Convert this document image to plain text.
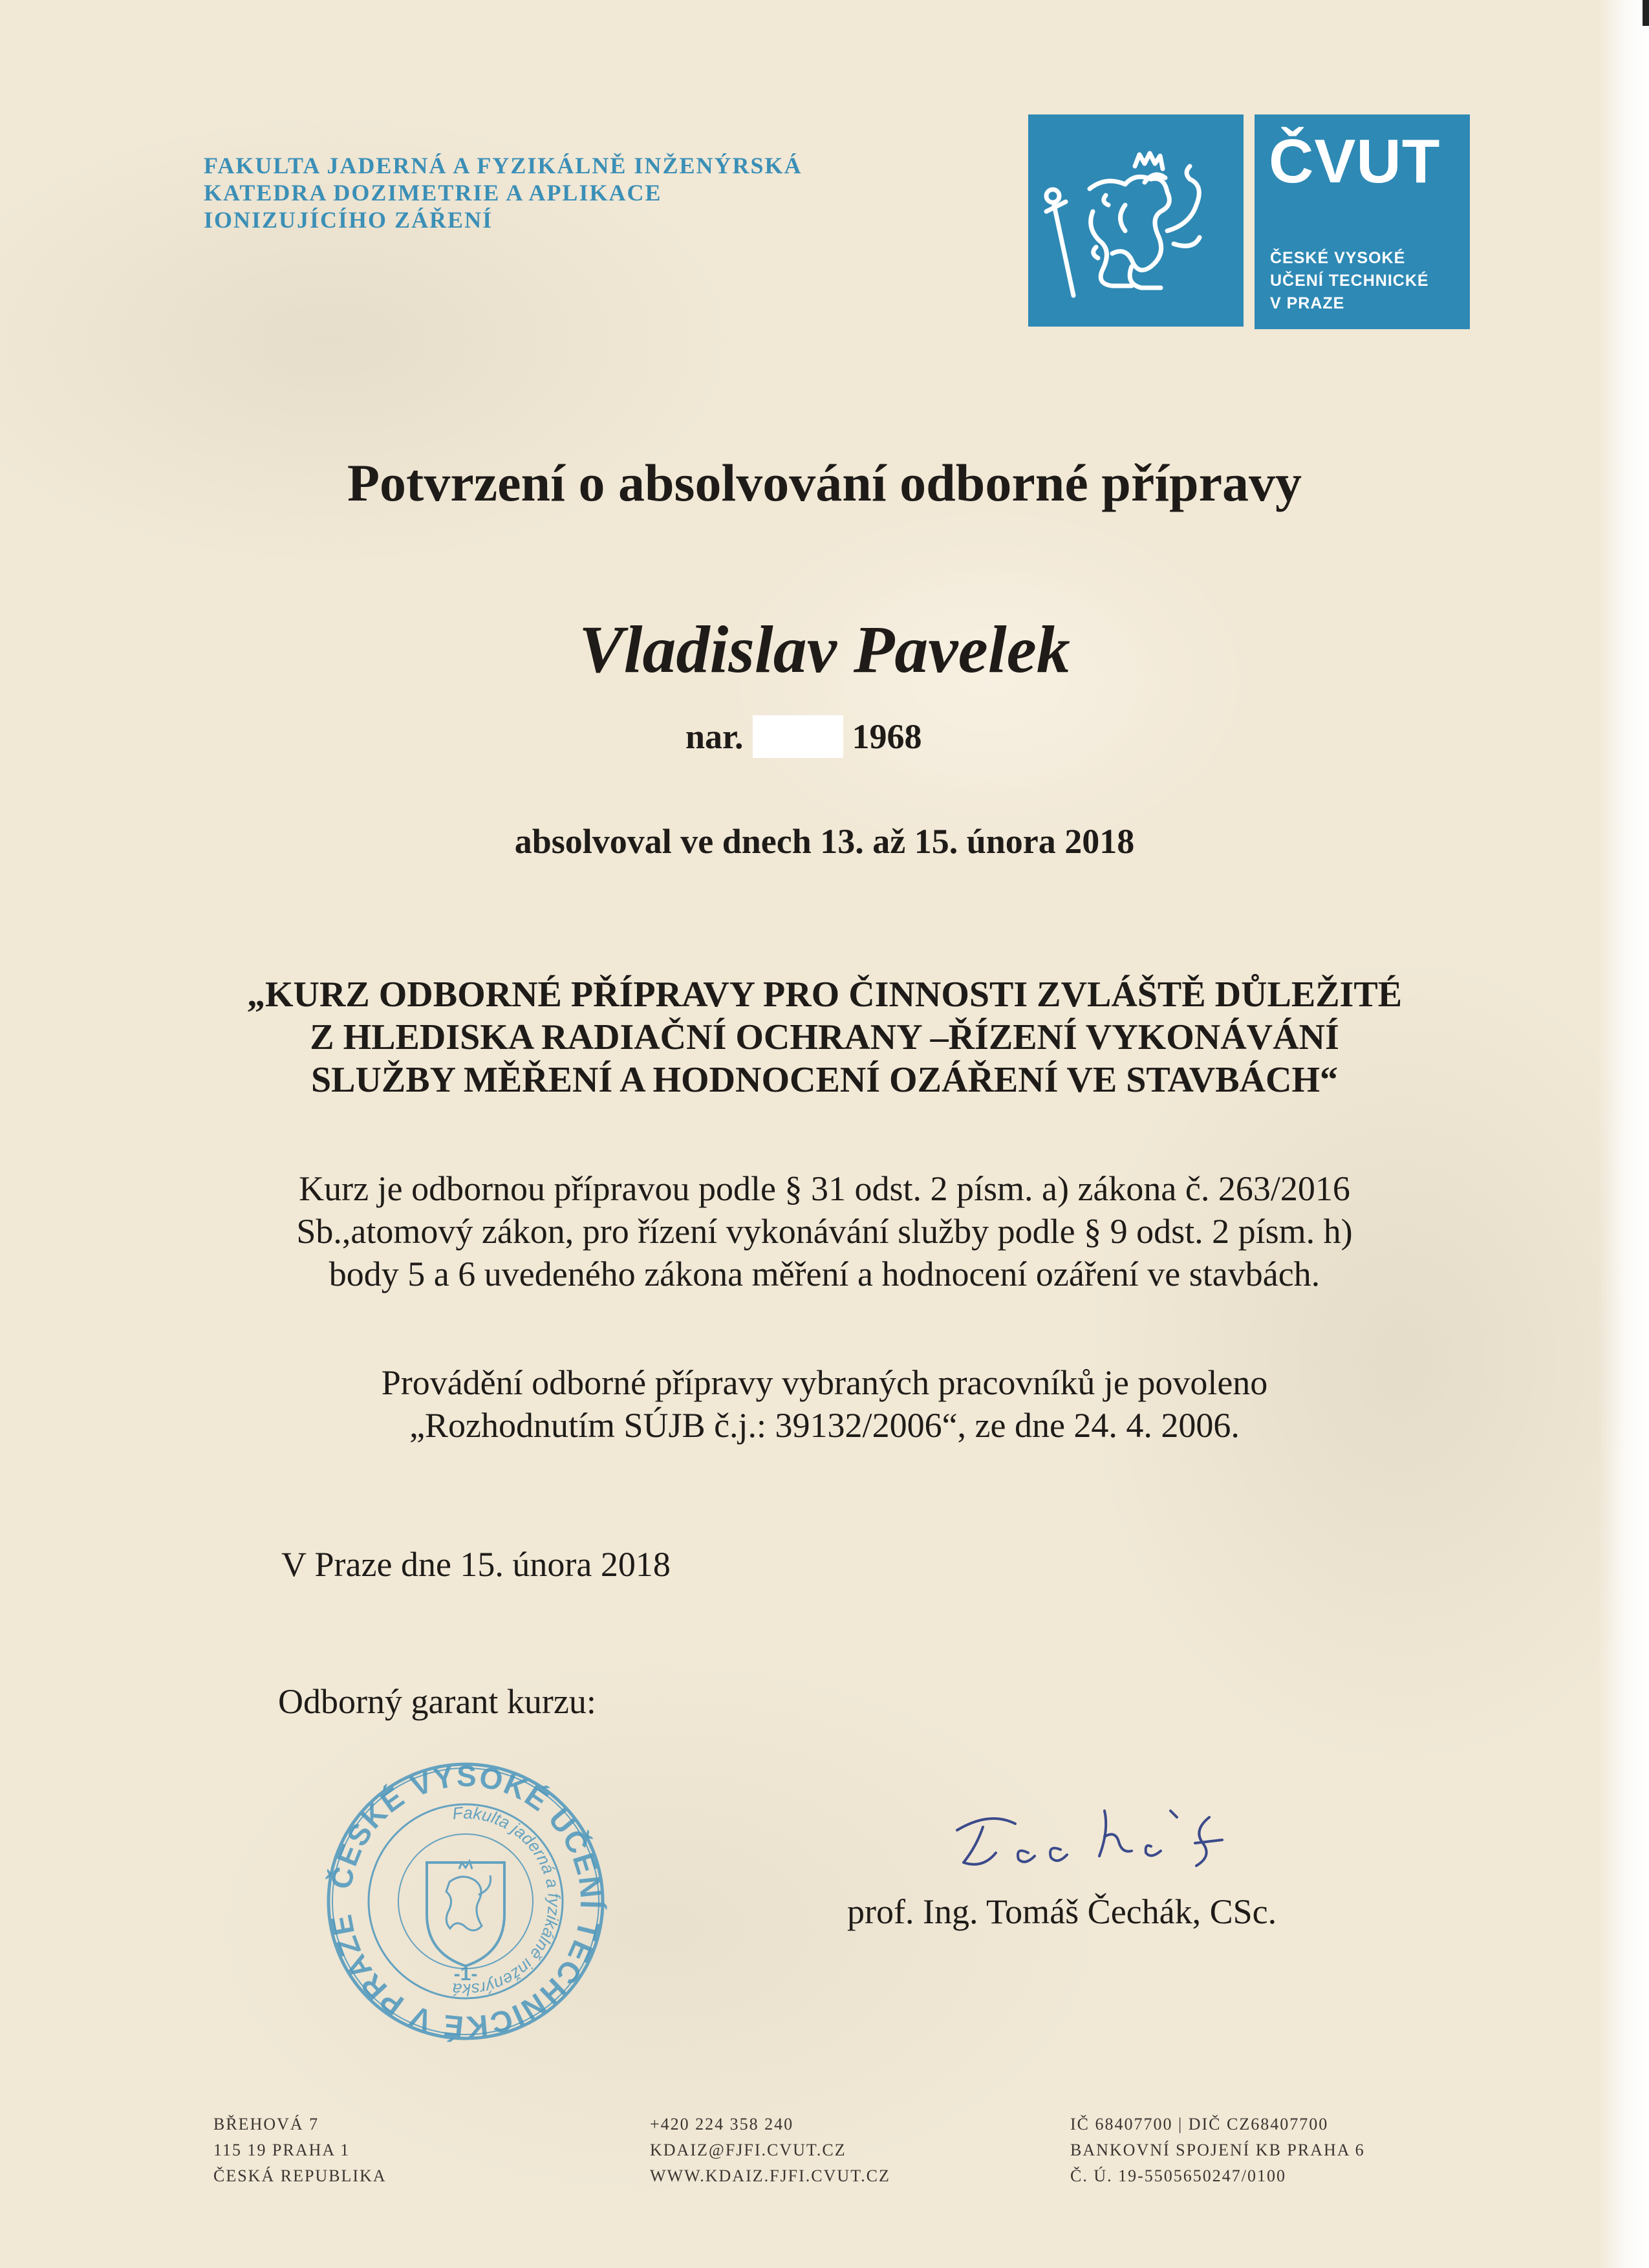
FAKULTA JADERNÁ A FYZIKÁLNĚ INŽENÝRSKÁ
KATEDRA DOZIMETRIE A APLIKACE
IONIZUJÍCÍHO ZÁŘENÍ
ČVUT
ČESKÉ VYSOKÉ
UČENÍ TECHNICKÉ
V PRAZE
Potvrzení o absolvování odborné přípravy
Vladislav Pavelek
nar.	1968
absolvoval ve dnech 13. až 15. února 2018
„KURZ ODBORNÉ PŘÍPRAVY PRO ČINNOSTI ZVLÁŠTĚ DŮLEŽITÉ
Z HLEDISKA RADIAČNÍ OCHRANY –ŘÍZENÍ VYKONÁVÁNÍ
SLUŽBY MĚŘENÍ A HODNOCENÍ OZÁŘENÍ VE STAVBÁCH“
Kurz je odbornou přípravou podle § 31 odst. 2 písm. a) zákona č. 263/2016
Sb.,atomový zákon, pro řízení vykonávání služby podle § 9 odst. 2 písm. h)
body 5 a 6 uvedeného zákona měření a hodnocení ozáření ve stavbách.
Provádění odborné přípravy vybraných pracovníků je povoleno
„Rozhodnutím SÚJB č.j.: 39132/2006“, ze dne 24. 4. 2006.
V Praze dne 15. února 2018
Odborný garant kurzu:
ČESKÉ VYSOKÉ UČENÍ TECHNICKÉ V PRAZE
Fakulta jaderná a fyzikálně inženýrská
-1-
prof. Ing. Tomáš Čechák, CSc.
BŘEHOVÁ 7
115 19 PRAHA 1
ČESKÁ REPUBLIKA
+420 224 358 240
KDAIZ@FJFI.CVUT.CZ
WWW.KDAIZ.FJFI.CVUT.CZ
IČ 68407700 | DIČ CZ68407700
BANKOVNÍ SPOJENÍ KB PRAHA 6
Č. Ú. 19-5505650247/0100
